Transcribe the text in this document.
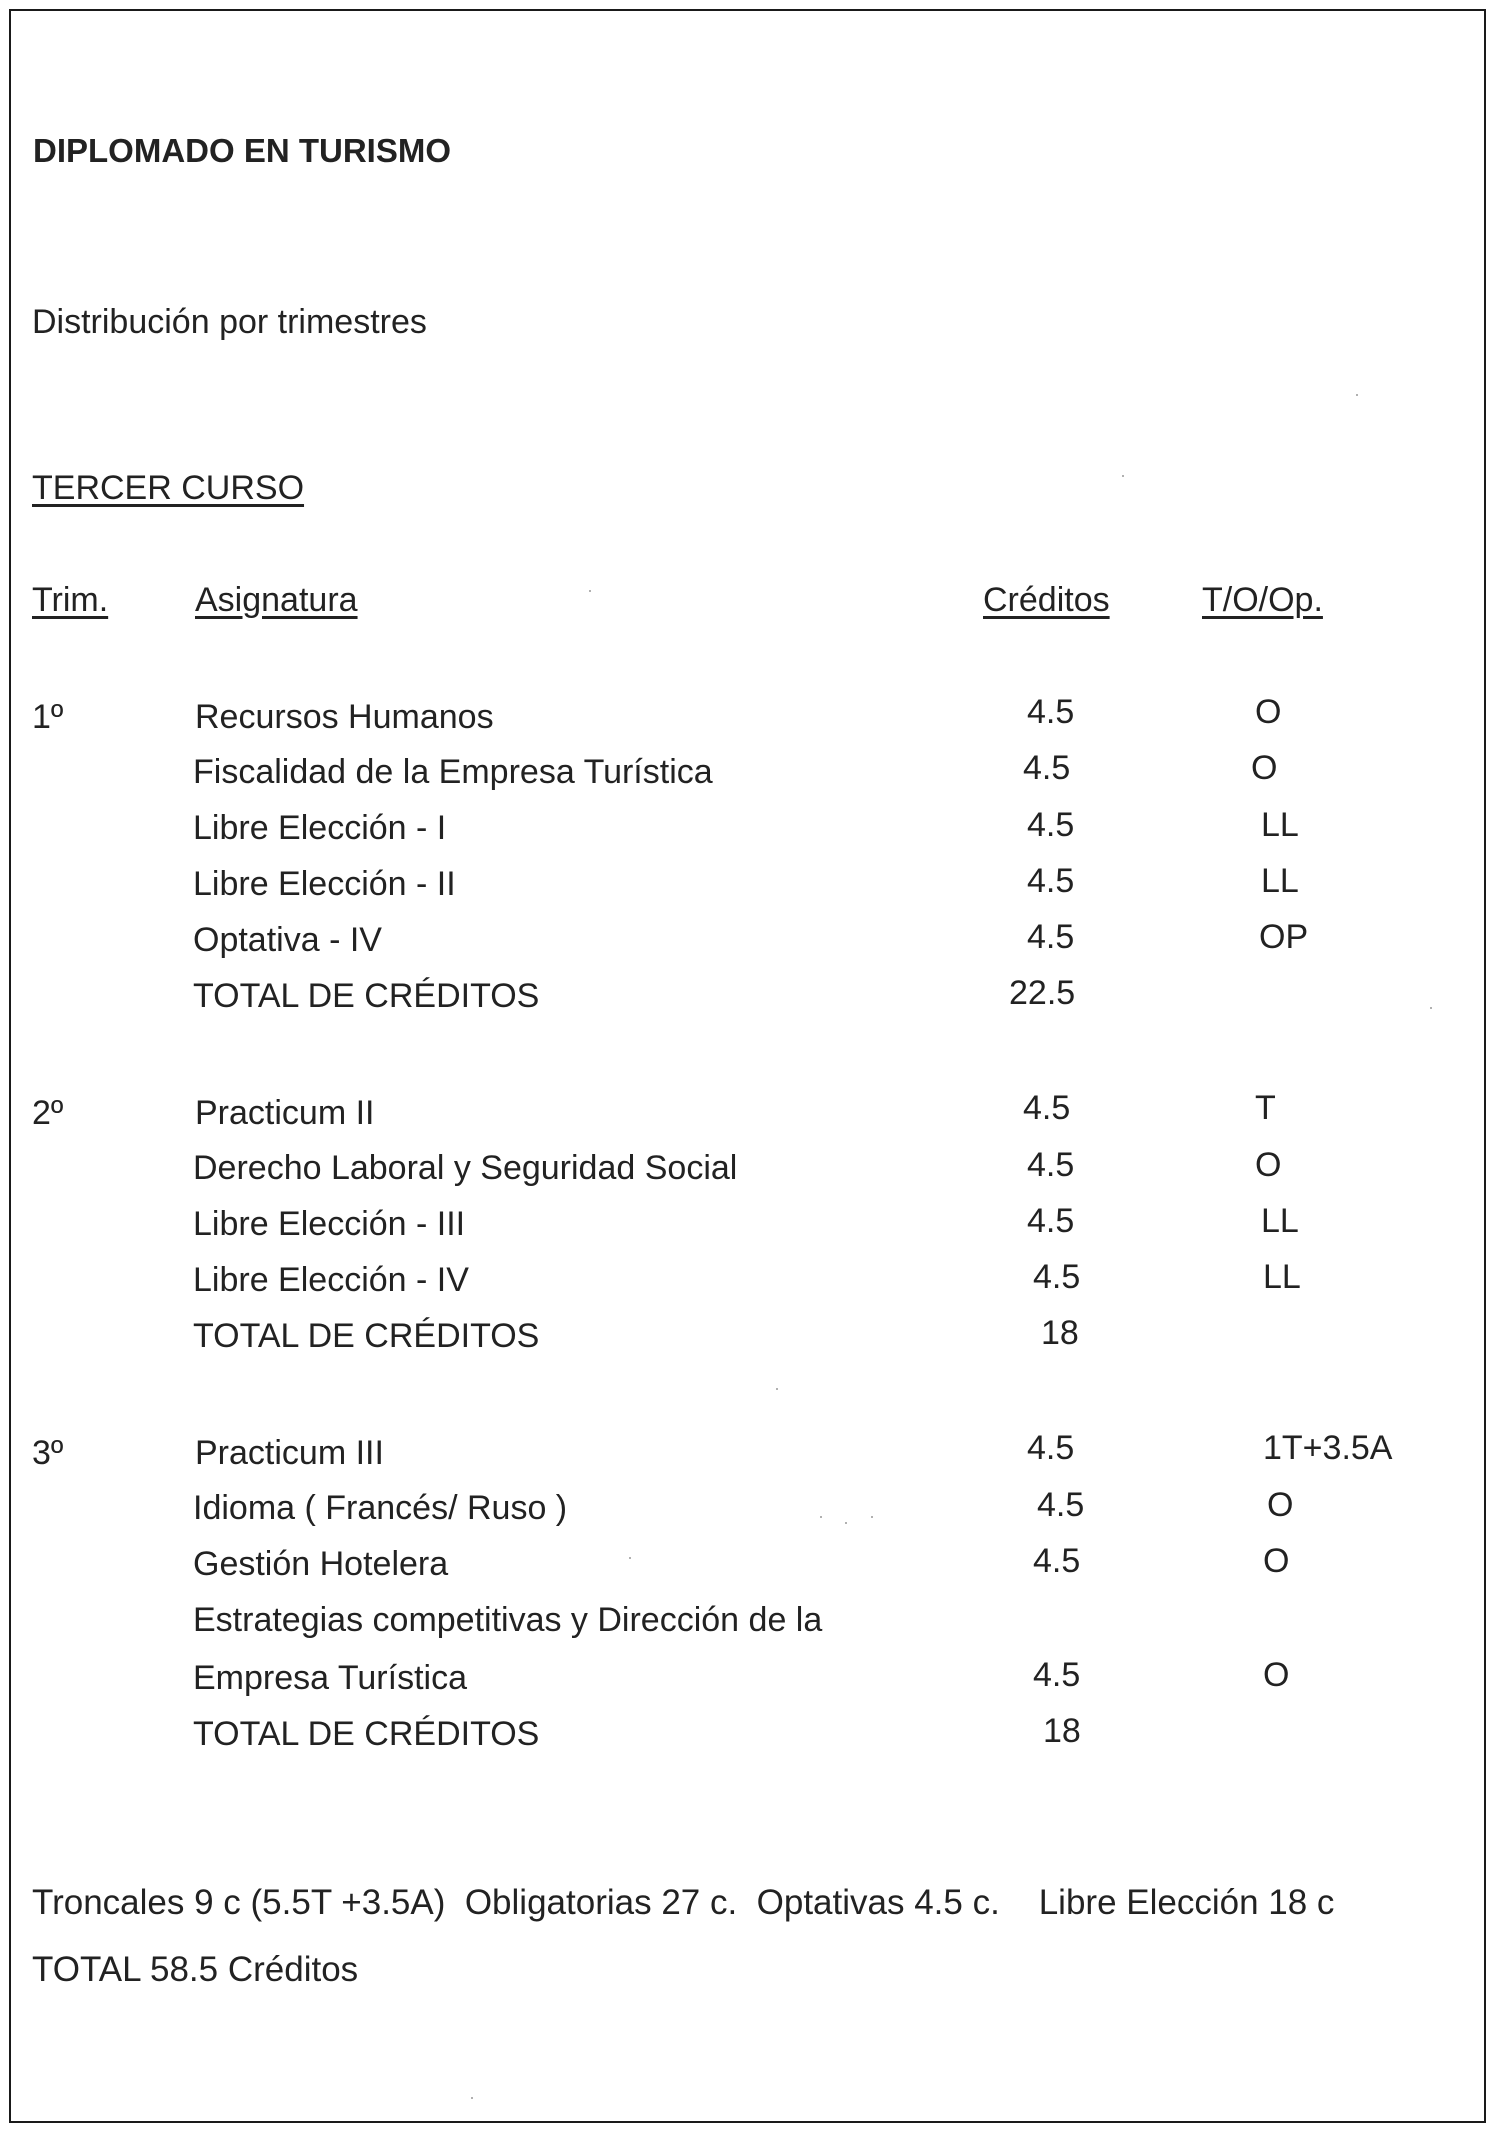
DIPLOMADO EN TURISMO
Distribución por trimestres
TERCER CURSO
Trim.	Asignatura	Créditos	T/O/Op.
1º	Recursos Humanos	4.5	O
Fiscalidad de la Empresa Turística	4.5	O
Libre Elección - I	4.5	LL
Libre Elección - II	4.5	LL
Optativa - IV	4.5	OP
TOTAL DE CRÉDITOS	22.5
2º	Practicum II	4.5	T
Derecho Laboral y Seguridad Social	4.5	O
Libre Elección - III	4.5	LL
Libre Elección - IV	4.5	LL
TOTAL DE CRÉDITOS	18
3º	Practicum III	4.5	1T+3.5A
Idioma ( Francés/ Ruso )	4.5	O
Gestión Hotelera	4.5	O
Estrategias competitivas y Dirección de la
Empresa Turística	4.5	O
TOTAL DE CRÉDITOS	18
Troncales 9 c (5.5T +3.5A)  Obligatorias 27 c.  Optativas 4.5 c.    Libre Elección 18 c
TOTAL 58.5 Créditos
